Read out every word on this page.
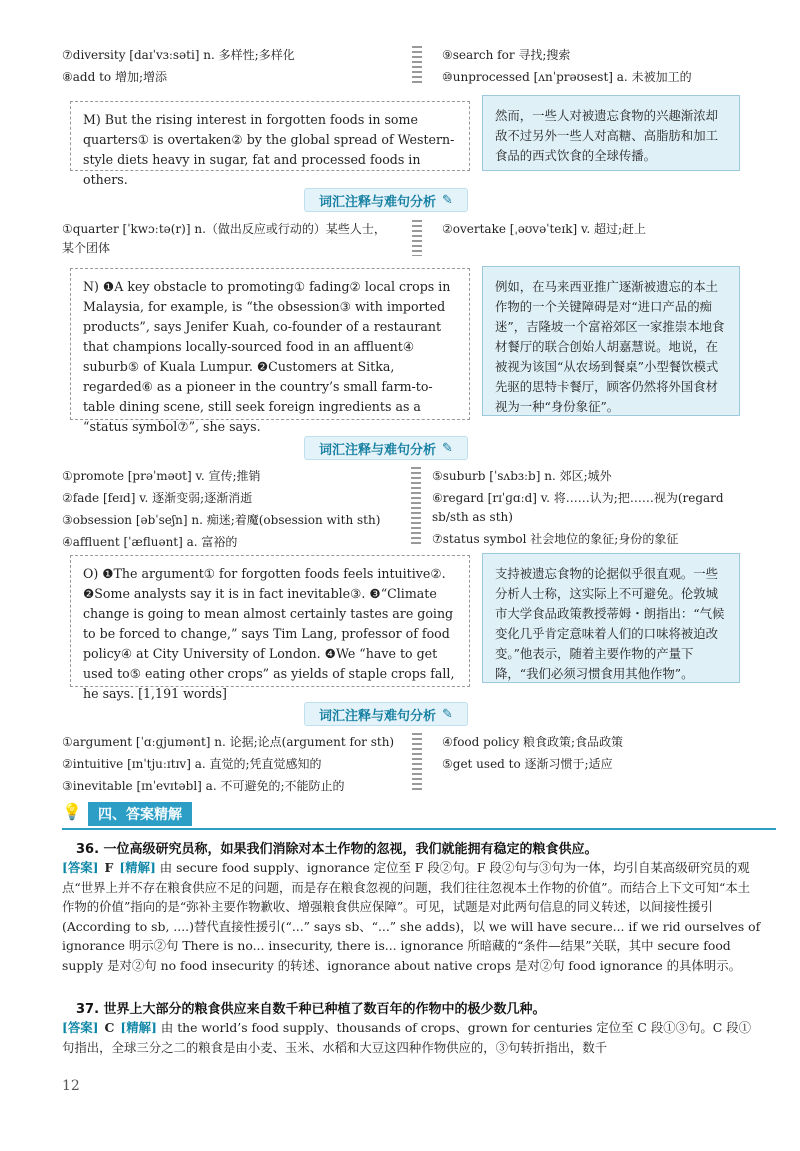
⑦diversity [daɪˈvɜːsəti] n. 多样性;多样化
⑧add to 增加;增添
⑨search for 寻找;搜索
⑩unprocessed [ʌnˈprəʊsest] a. 未被加工的
M) But the rising interest in forgotten foods in some quarters① is overtaken② by the global spread of Western-style diets heavy in sugar, fat and processed foods in others.
然而，一些人对被遗忘食物的兴趣渐浓却敌不过另外一些人对高糖、高脂肪和加工食品的西式饮食的全球传播。
词汇注释与难句分析 ✎
①quarter [ˈkwɔːtə(r)] n.（做出反应或行动的）某些人士，某个团体
②overtake [ˌəʊvəˈteɪk] v. 超过;赶上
N) ❶A key obstacle to promoting① fading② local crops in Malaysia, for example, is “the obsession③ with imported products”, says Jenifer Kuah, co-founder of a restaurant that champions locally-sourced food in an affluent④ suburb⑤ of Kuala Lumpur. ❷Customers at Sitka, regarded⑥ as a pioneer in the country’s small farm-to-table dining scene, still seek foreign ingredients as a “status symbol⑦”, she says.
例如，在马来西亚推广逐渐被遗忘的本土作物的一个关键障碍是对“进口产品的痴迷”，吉隆坡一个富裕郊区一家推崇本地食材餐厅的联合创始人胡嘉慧说。地说，在被视为该国“从农场到餐桌”小型餐饮模式先驱的思特卡餐厅，顾客仍然将外国食材视为一种“身份象征”。
词汇注释与难句分析 ✎
①promote [prəˈməʊt] v. 宣传;推销
②fade [feɪd] v. 逐渐变弱;逐渐消逝
③obsession [əbˈseʃn] n. 痴迷;着魔(obsession with sth)
④affluent [ˈæfluənt] a. 富裕的
⑤suburb [ˈsʌbɜːb] n. 郊区;城外
⑥regard [rɪˈɡɑːd] v. 将……认为;把……视为(regard sb/sth as sth)
⑦status symbol 社会地位的象征;身份的象征
O) ❶The argument① for forgotten foods feels intuitive②. ❷Some analysts say it is in fact inevitable③. ❸“Climate change is going to mean almost certainly tastes are going to be forced to change,” says Tim Lang, professor of food policy④ at City University of London. ❹We “have to get used to⑤ eating other crops” as yields of staple crops fall, he says. [1,191 words]
支持被遗忘食物的论据似乎很直观。一些分析人士称，这实际上不可避免。伦敦城市大学食品政策教授蒂姆・朗指出：“气候变化几乎肯定意味着人们的口味将被迫改变。”他表示，随着主要作物的产量下降，“我们必须习惯食用其他作物”。
词汇注释与难句分析 ✎
①argument [ˈɑːɡjumənt] n. 论据;论点(argument for sth)
②intuitive [ɪnˈtjuːɪtɪv] a. 直觉的;凭直觉感知的
③inevitable [ɪnˈevɪtəbl] a. 不可避免的;不能防止的
④food policy 粮食政策;食品政策
⑤get used to 逐渐习惯于;适应
💡	四、答案精解
36. 一位高级研究员称，如果我们消除对本土作物的忽视，我们就能拥有稳定的粮食供应。
[答案] F [精解] 由 secure food supply、ignorance 定位至 F 段②句。F 段②句与③句为一体，均引自某高级研究员的观点“世界上并不存在粮食供应不足的问题，而是存在粮食忽视的问题，我们往往忽视本土作物的价值”。而结合上下文可知“本土作物的价值”指向的是“弥补主要作物歉收、增强粮食供应保障”。可见，试题是对此两句信息的同义转述，以间接性援引(According to sb, ....)替代直接性援引(“...” says sb、“...” she adds)，以 we will have secure... if we rid ourselves of ignorance 明示②句 There is no... insecurity, there is... ignorance 所暗藏的“条件—结果”关联，其中 secure food supply 是对②句 no food insecurity 的转述、ignorance about native crops 是对②句 food ignorance 的具体明示。
37. 世界上大部分的粮食供应来自数千种已种植了数百年的作物中的极少数几种。
[答案] C [精解] 由 the world’s food supply、thousands of crops、grown for centuries 定位至 C 段①③句。C 段①句指出，全球三分之二的粮食是由小麦、玉米、水稻和大豆这四种作物供应的，③句转折指出，数千
12
